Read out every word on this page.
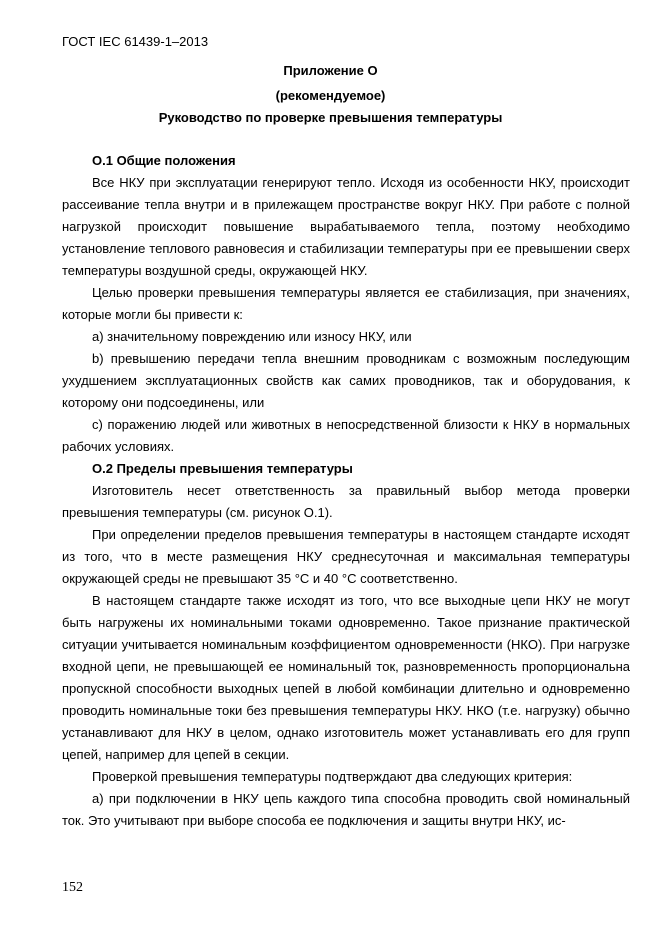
ГОСТ IEC 61439-1–2013
Приложение О
(рекомендуемое)
Руководство по проверке превышения температуры

О.1 Общие положения

Все НКУ при эксплуатации генерируют тепло. Исходя из особенности НКУ, происходит рассеивание тепла внутри и в прилежащем пространстве вокруг НКУ. При работе с полной нагрузкой происходит повышение вырабатываемого тепла, поэтому необходимо установление теплового равновесия и стабилизации температуры при ее превышении сверх температуры воздушной среды, окружающей НКУ.

Целью проверки превышения температуры является ее стабилизация, при значениях, которые могли бы привести к:

a) значительному повреждению или износу НКУ, или

b) превышению передачи тепла внешним проводникам с возможным последующим ухудшением эксплуатационных свойств как самих проводников, так и оборудования, к которому они подсоединены, или

c) поражению людей или животных в непосредственной близости к НКУ в нормальных рабочих условиях.

О.2 Пределы превышения температуры

Изготовитель несет ответственность за правильный выбор метода проверки превышения температуры (см. рисунок О.1).

При определении пределов превышения температуры в настоящем стандарте исходят из того, что в месте размещения НКУ среднесуточная и максимальная температуры окружающей среды не превышают 35 °С и 40 °С соответственно.

В настоящем стандарте также исходят из того, что все выходные цепи НКУ не могут быть нагружены их номинальными токами одновременно. Такое признание практической ситуации учитывается номинальным коэффициентом одновременности (НКО). При нагрузке входной цепи, не превышающей ее номинальный ток, разновременность пропорциональна пропускной способности выходных цепей в любой комбинации длительно и одновременно проводить номинальные токи без превышения температуры НКУ. НКО (т.е. нагрузку) обычно устанавливают для НКУ в целом, однако изготовитель может устанавливать его для групп цепей, например для цепей в секции.

Проверкой превышения температуры подтверждают два следующих критерия:

a) при подключении в НКУ цепь каждого типа способна проводить свой номинальный ток. Это учитывают при выборе способа ее подключения и защиты внутри НКУ, ис-

152
